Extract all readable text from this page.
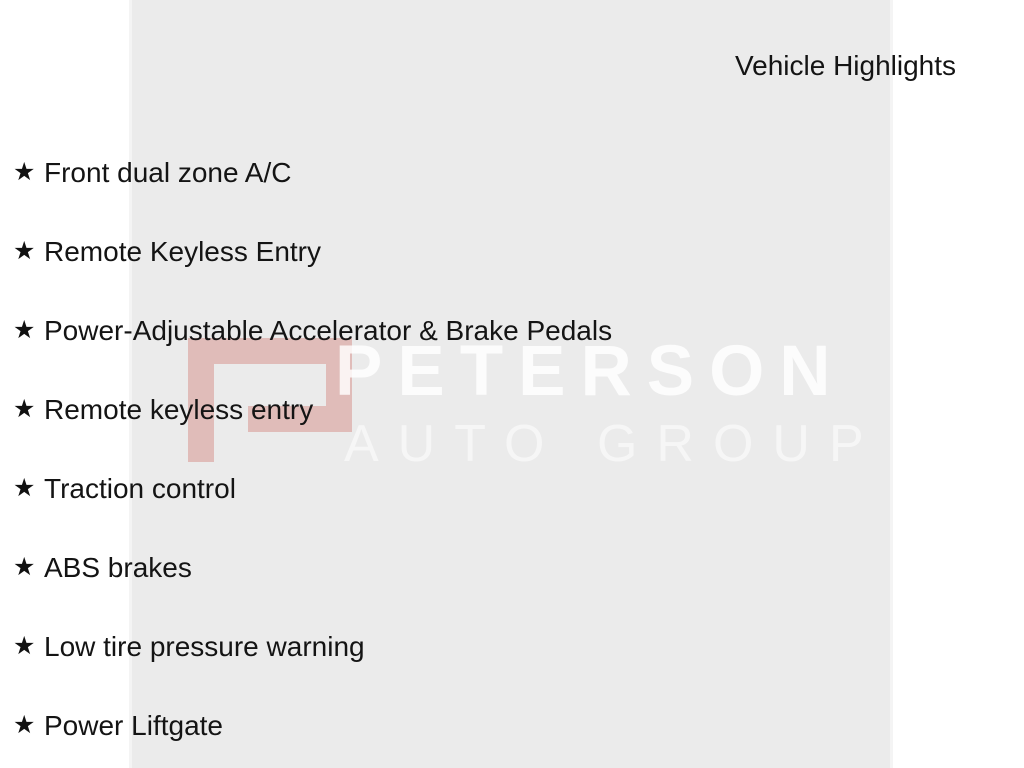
PETERSON
AUTO GROUP
Vehicle Highlights
★ Front dual zone A/C
★ Remote Keyless Entry
★ Power-Adjustable Accelerator & Brake Pedals
★ Remote keyless entry
★ Traction control
★ ABS brakes
★ Low tire pressure warning
★ Power Liftgate
